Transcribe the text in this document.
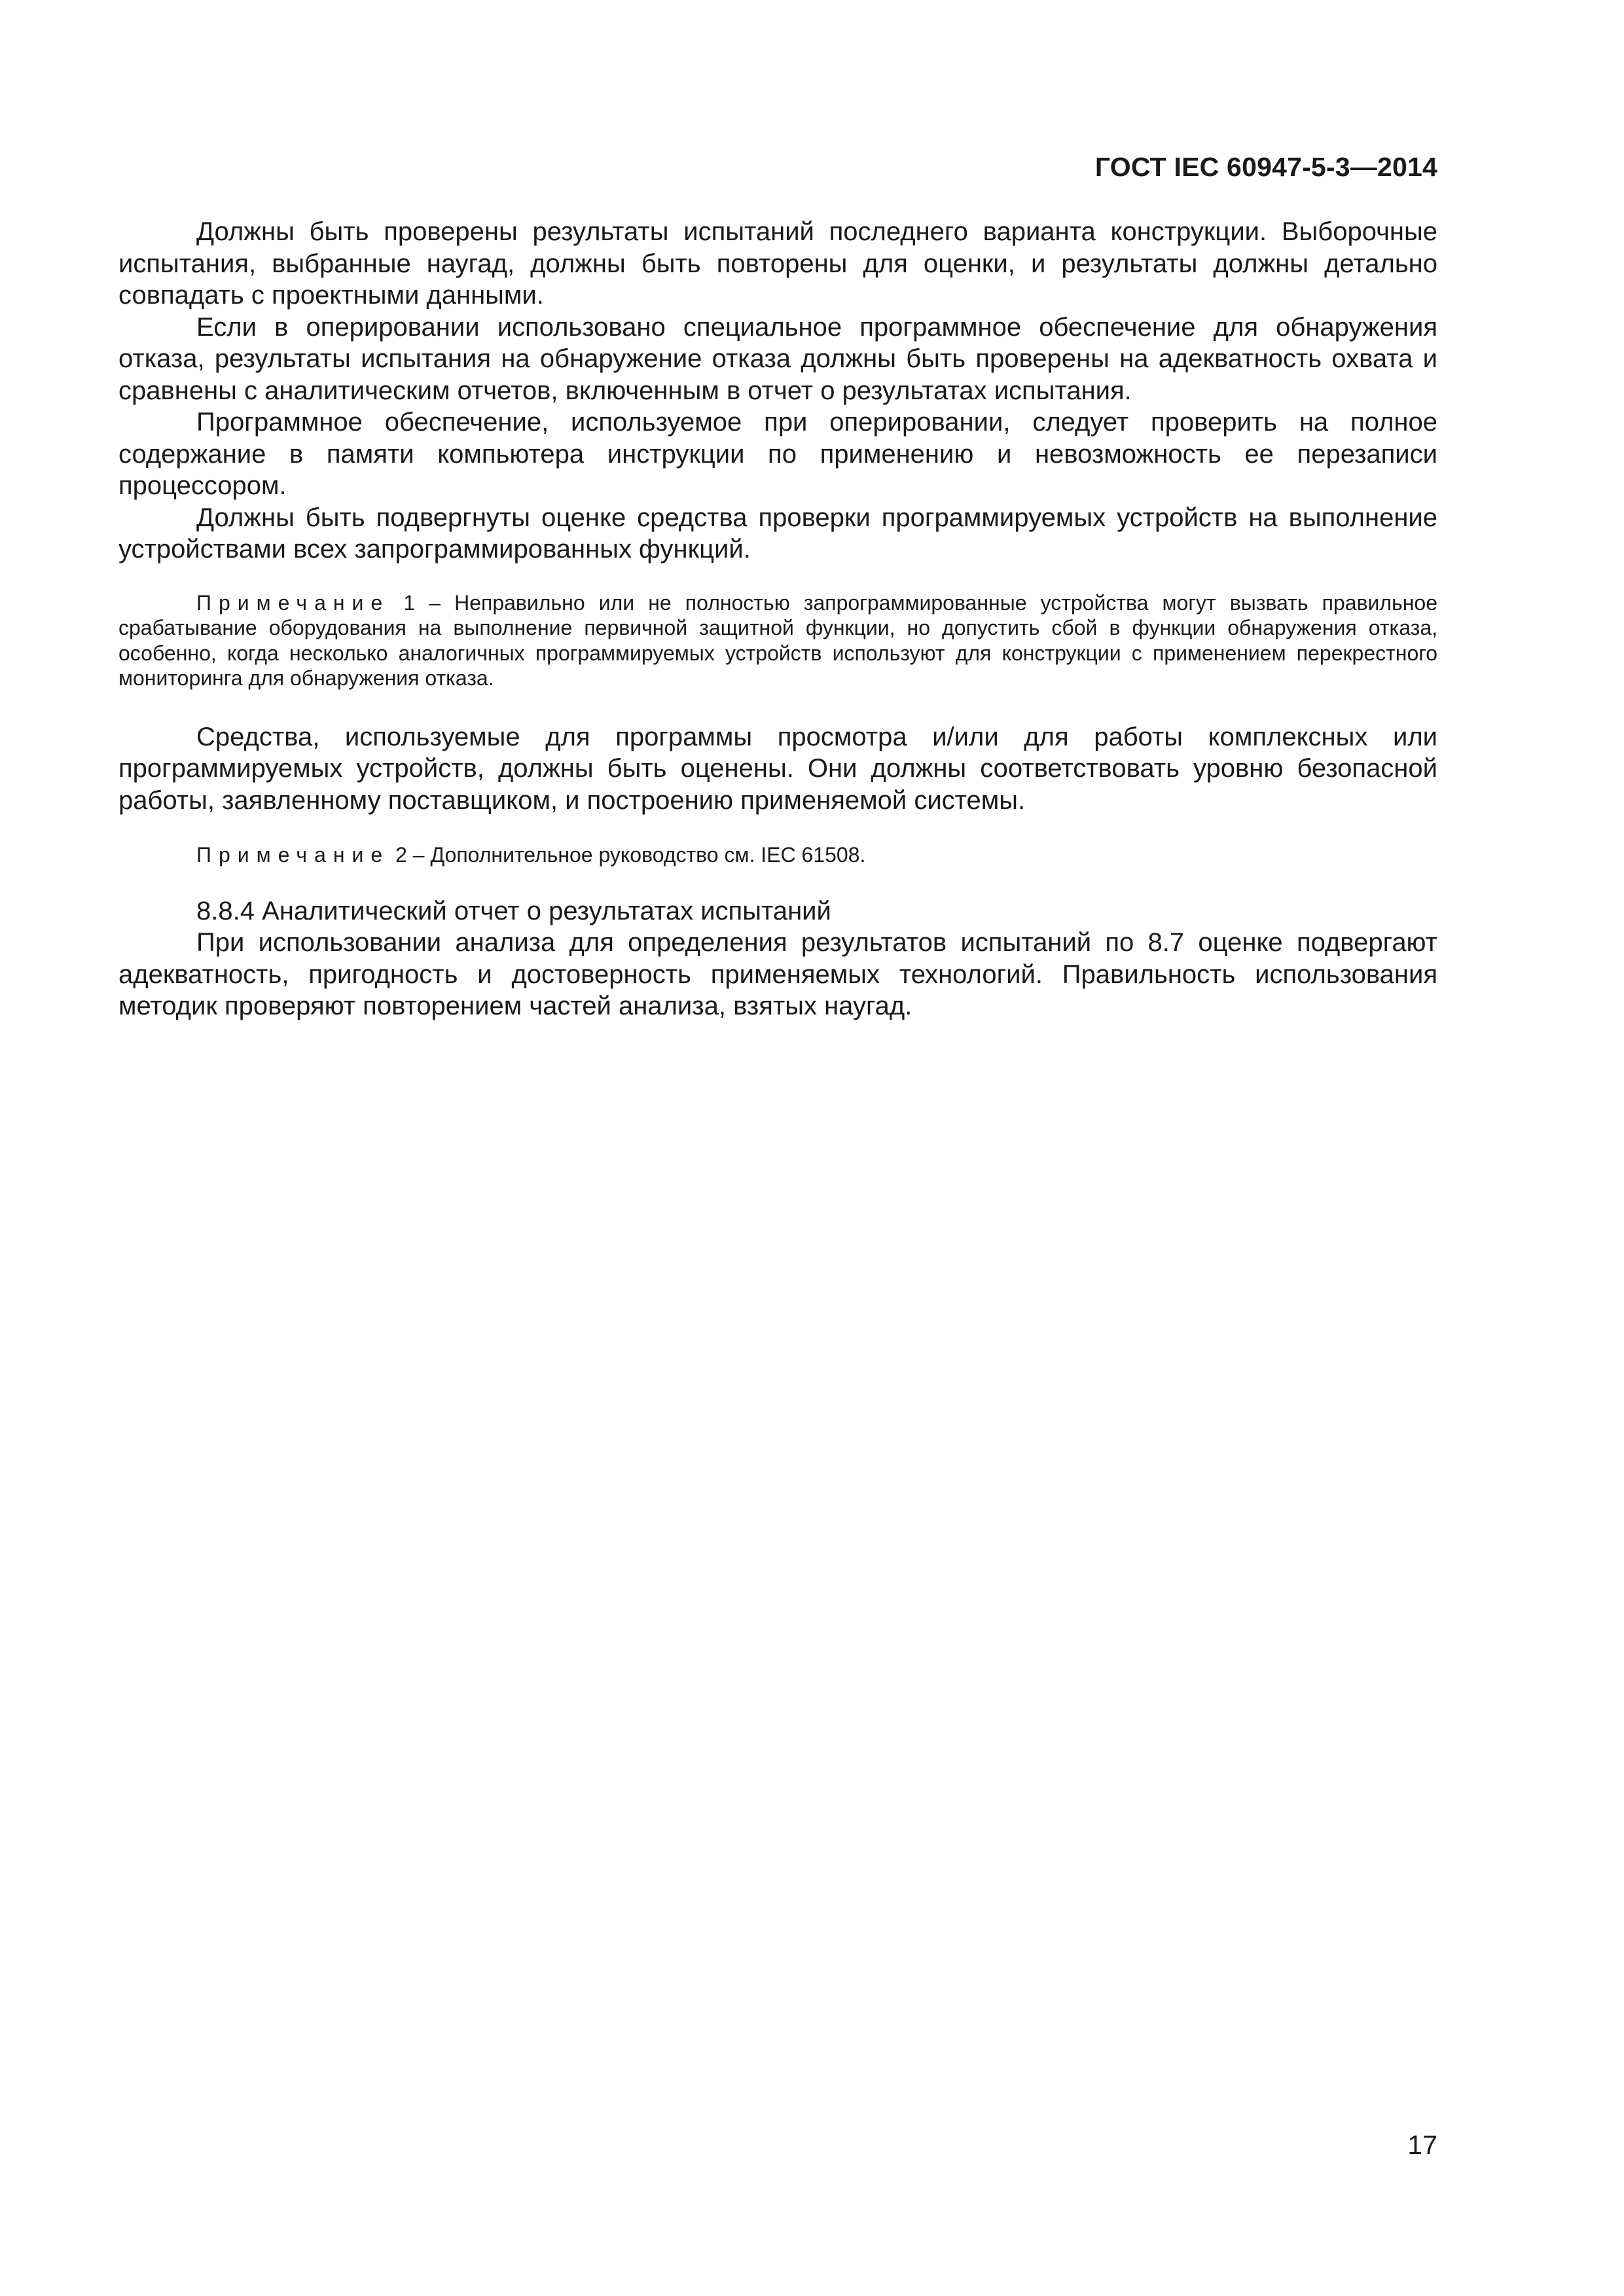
ГОСТ IEC 60947-5-3—2014

Должны быть проверены результаты испытаний последнего варианта конструкции. Выборочные испытания, выбранные наугад, должны быть повторены для оценки, и результаты должны детально совпадать с проектными данными.

Если в оперировании использовано специальное программное обеспечение для обнаружения отказа, результаты испытания на обнаружение отказа должны быть проверены на адекватность охвата и сравнены с аналитическим отчетов, включенным в отчет о результатах испытания.

Программное обеспечение, используемое при оперировании, следует проверить на полное содержание в памяти компьютера инструкции по применению и невозможность ее перезаписи процессором.

Должны быть подвергнуты оценке средства проверки программируемых устройств на выполнение устройствами всех запрограммированных функций.

Примечание 1 – Неправильно или не полностью запрограммированные устройства могут вызвать правильное срабатывание оборудования на выполнение первичной защитной функции, но допустить сбой в функции обнаружения отказа, особенно, когда несколько аналогичных программируемых устройств используют для конструкции с применением перекрестного мониторинга для обнаружения отказа.

Средства, используемые для программы просмотра и/или для работы комплексных или программируемых устройств, должны быть оценены. Они должны соответствовать уровню безопасной работы, заявленному поставщиком, и построению применяемой системы.

Примечание 2 – Дополнительное руководство см. IEC 61508.

8.8.4 Аналитический отчет о результатах испытаний

При использовании анализа для определения результатов испытаний по 8.7 оценке подвергают адекватность, пригодность и достоверность применяемых технологий. Правильность использования методик проверяют повторением частей анализа, взятых наугад.

17
